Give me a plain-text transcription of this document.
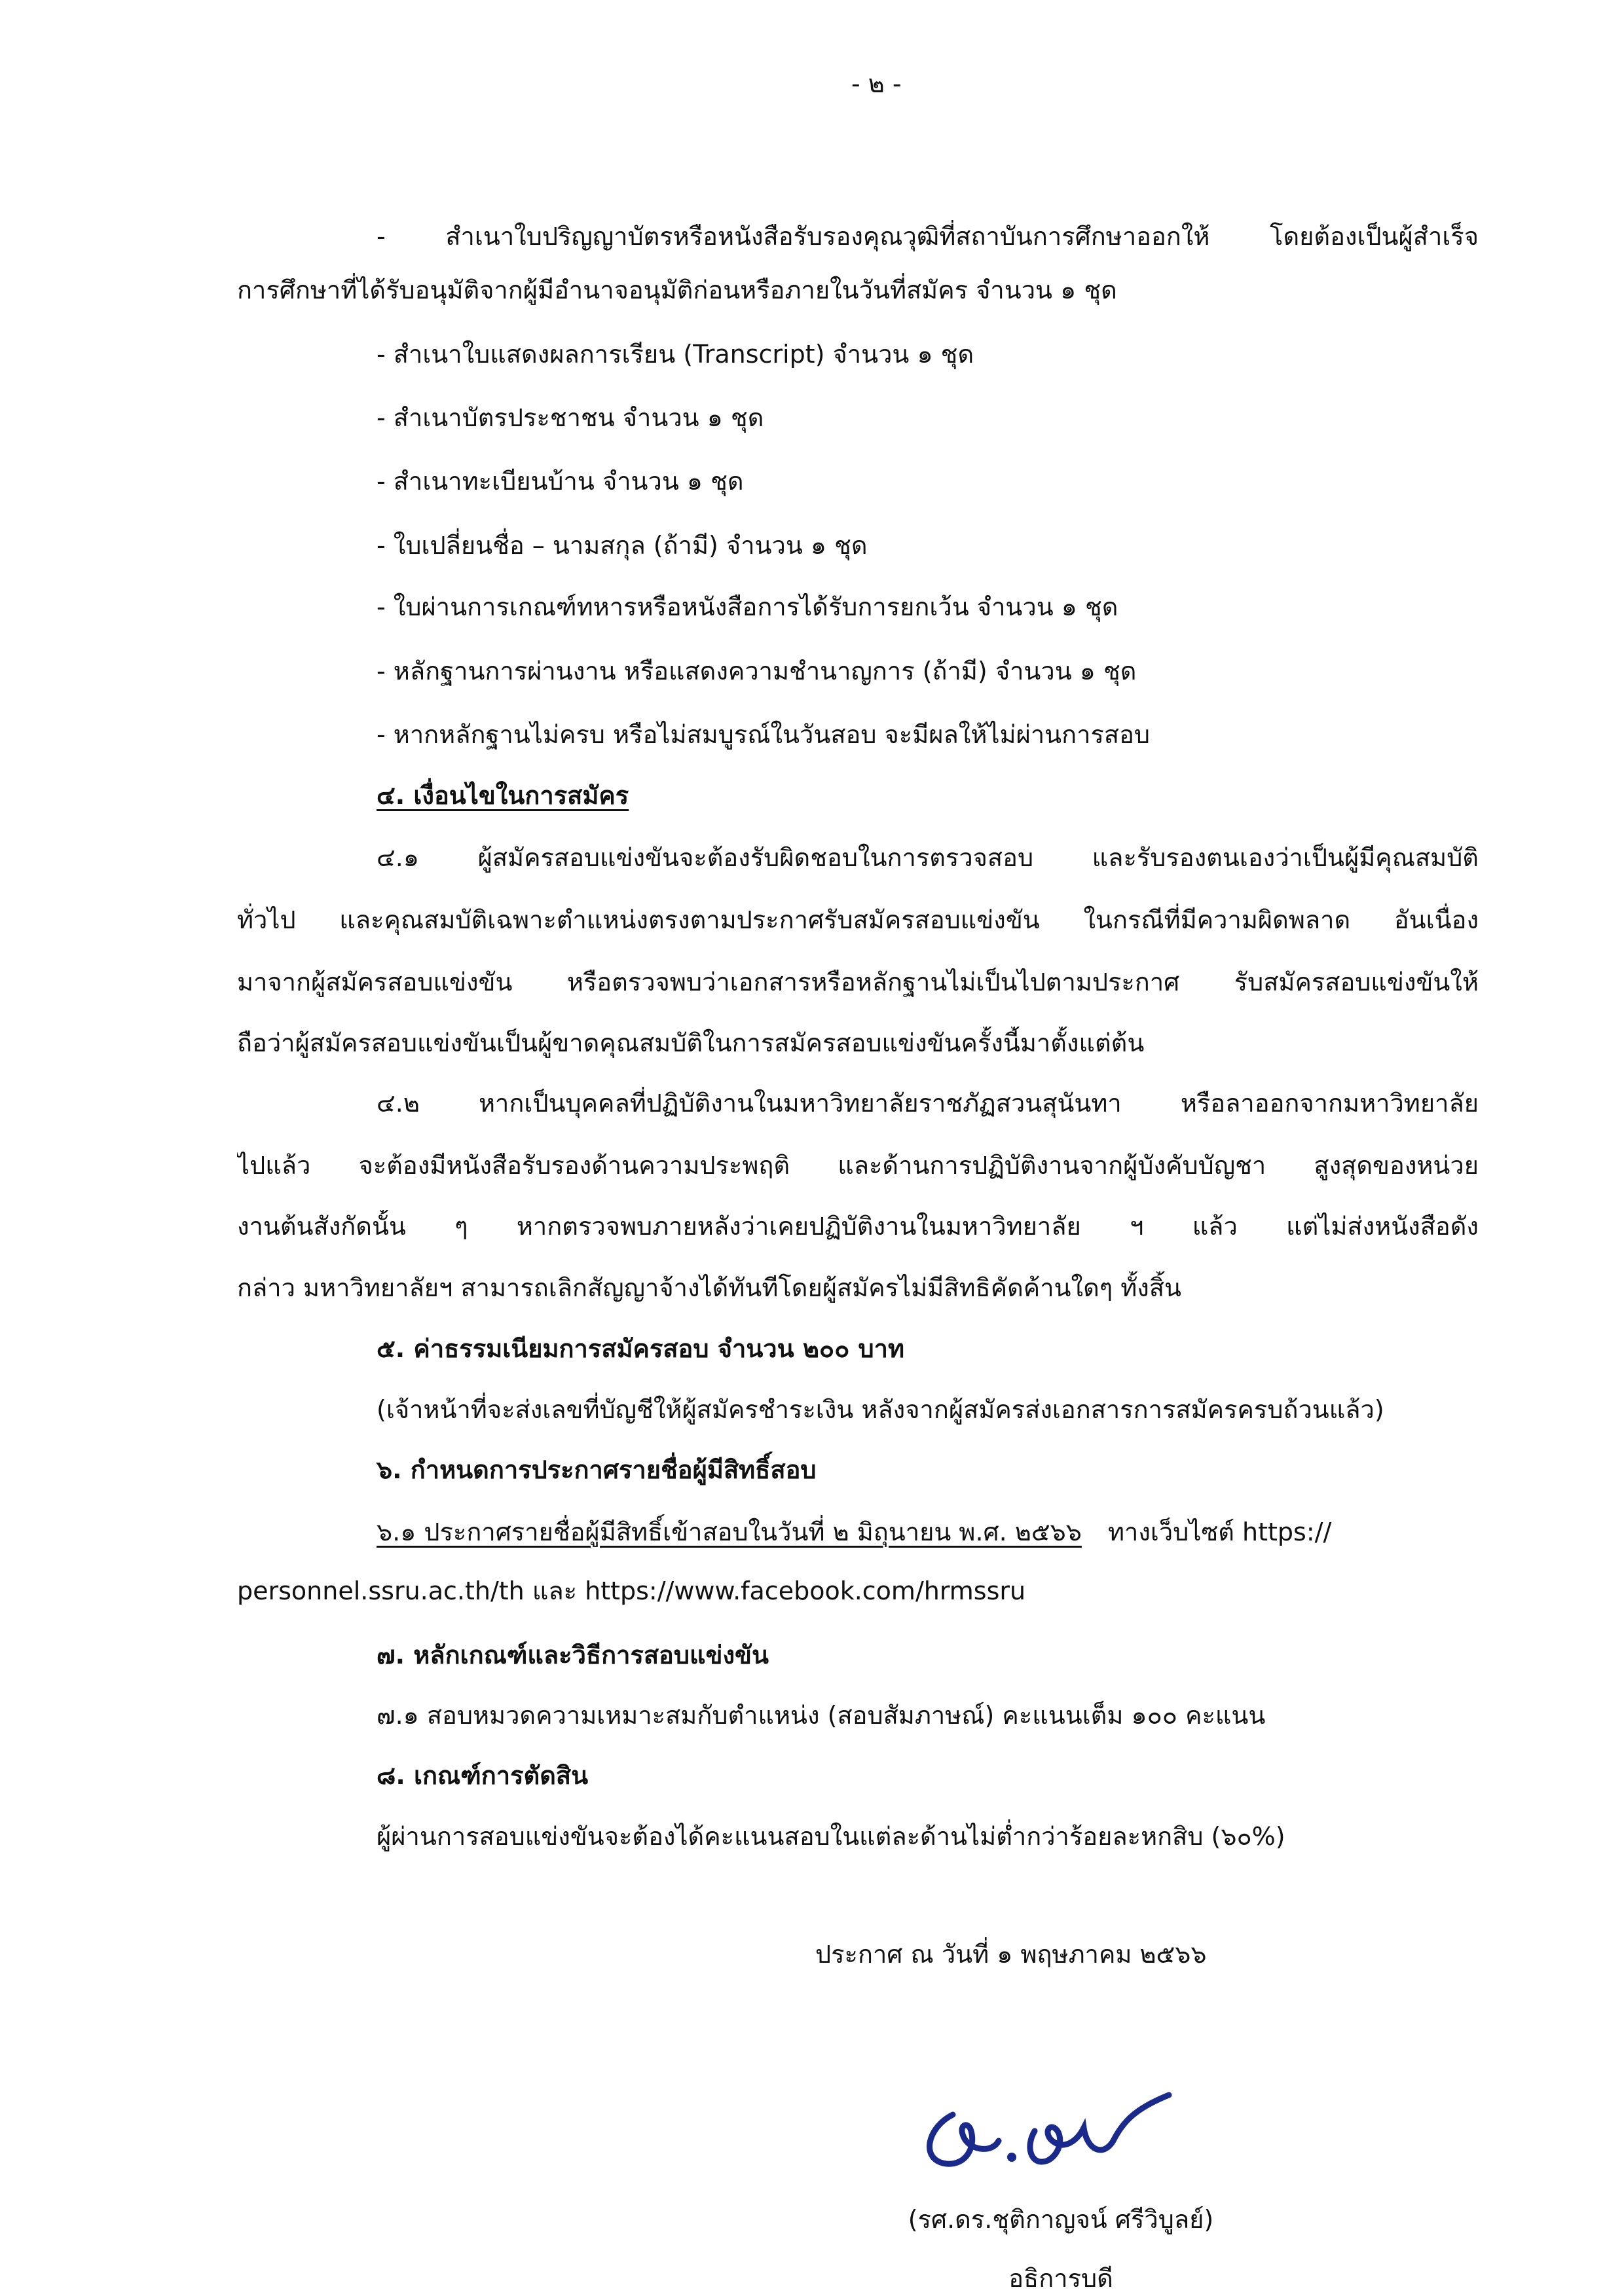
- ๒ -
- สำเนาใบปริญญาบัตรหรือหนังสือรับรองคุณวุฒิที่สถาบันการศึกษาออกให้ โดยต้องเป็นผู้สำเร็จ
การศึกษาที่ได้รับอนุมัติจากผู้มีอำนาจอนุมัติก่อนหรือภายในวันที่สมัคร จำนวน ๑ ชุด
- สำเนาใบแสดงผลการเรียน (Transcript) จำนวน ๑ ชุด
- สำเนาบัตรประชาชน จำนวน ๑ ชุด
- สำเนาทะเบียนบ้าน จำนวน ๑ ชุด
- ใบเปลี่ยนชื่อ – นามสกุล (ถ้ามี) จำนวน ๑ ชุด
- ใบผ่านการเกณฑ์ทหารหรือหนังสือการได้รับการยกเว้น จำนวน ๑ ชุด
- หลักฐานการผ่านงาน หรือแสดงความชำนาญการ (ถ้ามี) จำนวน ๑ ชุด
- หากหลักฐานไม่ครบ หรือไม่สมบูรณ์ในวันสอบ จะมีผลให้ไม่ผ่านการสอบ
๔. เงื่อนไขในการสมัคร
๔.๑ ผู้สมัครสอบแข่งขันจะต้องรับผิดชอบในการตรวจสอบ และรับรองตนเองว่าเป็นผู้มีคุณสมบัติ
ทั่วไป และคุณสมบัติเฉพาะตำแหน่งตรงตามประกาศรับสมัครสอบแข่งขัน ในกรณีที่มีความผิดพลาด อันเนื่อง
มาจากผู้สมัครสอบแข่งขัน หรือตรวจพบว่าเอกสารหรือหลักฐานไม่เป็นไปตามประกาศ รับสมัครสอบแข่งขันให้
ถือว่าผู้สมัครสอบแข่งขันเป็นผู้ขาดคุณสมบัติในการสมัครสอบแข่งขันครั้งนี้มาตั้งแต่ต้น
๔.๒ หากเป็นบุคคลที่ปฏิบัติงานในมหาวิทยาลัยราชภัฏสวนสุนันทา หรือลาออกจากมหาวิทยาลัย
ไปแล้ว จะต้องมีหนังสือรับรองด้านความประพฤติ และด้านการปฏิบัติงานจากผู้บังคับบัญชา สูงสุดของหน่วย
งานต้นสังกัดนั้น ๆ หากตรวจพบภายหลังว่าเคยปฏิบัติงานในมหาวิทยาลัย ฯ แล้ว แต่ไม่ส่งหนังสือดัง
กล่าว มหาวิทยาลัยฯ สามารถเลิกสัญญาจ้างได้ทันทีโดยผู้สมัครไม่มีสิทธิคัดค้านใดๆ ทั้งสิ้น
๕. ค่าธรรมเนียมการสมัครสอบ จำนวน ๒๐๐ บาท
(เจ้าหน้าที่จะส่งเลขที่บัญชีให้ผู้สมัครชำระเงิน หลังจากผู้สมัครส่งเอกสารการสมัครครบถ้วนแล้ว)
๖. กำหนดการประกาศรายชื่อผู้มีสิทธิ์สอบ
๖.๑ ประกาศรายชื่อผู้มีสิทธิ์เข้าสอบในวันที่ ๒ มิถุนายน พ.ศ. ๒๕๖๖ ทางเว็บไซต์ https://
personnel.ssru.ac.th/th และ https://www.facebook.com/hrmssru
๗. หลักเกณฑ์และวิธีการสอบแข่งขัน
๗.๑ สอบหมวดความเหมาะสมกับตำแหน่ง (สอบสัมภาษณ์) คะแนนเต็ม ๑๐๐ คะแนน
๘. เกณฑ์การตัดสิน
ผู้ผ่านการสอบแข่งขันจะต้องได้คะแนนสอบในแต่ละด้านไม่ต่ำกว่าร้อยละหกสิบ (๖๐%)
ประกาศ ณ วันที่ ๑ พฤษภาคม ๒๕๖๖
(รศ.ดร.ชุติกาญจน์ ศรีวิบูลย์)
อธิการบดี
